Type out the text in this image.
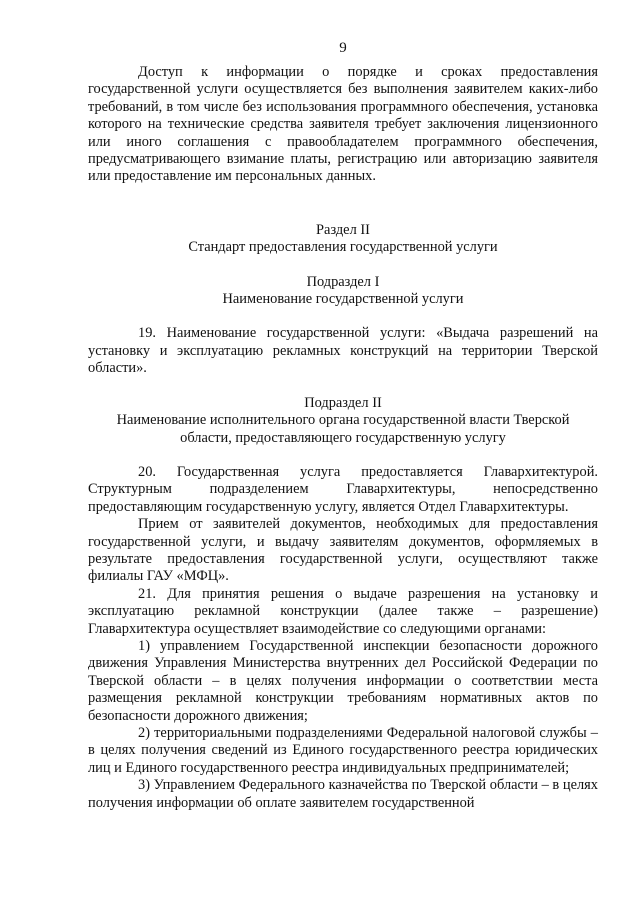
9

Доступ к информации о порядке и сроках предоставления государственной услуги осуществляется без выполнения заявителем каких-либо требований, в том числе без использования программного обеспечения, установка которого на технические средства заявителя требует заключения лицензионного или иного соглашения с правообладателем программного обеспечения, предусматривающего взимание платы, регистрацию или авторизацию заявителя или предоставление им персональных данных.

Раздел II

Стандарт предоставления государственной услуги

Подраздел I

Наименование государственной услуги

19. Наименование государственной услуги: «Выдача разрешений на установку и эксплуатацию рекламных конструкций на территории Тверской области».

Подраздел II

Наименование исполнительного органа государственной власти Тверской

области, предоставляющего государственную услугу

20. Государственная услуга предоставляется Главархитектурой. Структурным подразделением Главархитектуры, непосредственно предоставляющим государственную услугу, является Отдел Главархитектуры.

Прием от заявителей документов, необходимых для предоставления государственной услуги, и выдачу заявителям документов, оформляемых в результате предоставления государственной услуги, осуществляют также филиалы ГАУ «МФЦ».

21. Для принятия решения о выдаче разрешения на установку и эксплуатацию рекламной конструкции (далее также – разрешение) Главархитектура осуществляет взаимодействие со следующими органами:

1) управлением Государственной инспекции безопасности дорожного движения Управления Министерства внутренних дел Российской Федерации по Тверской области – в целях получения информации о соответствии места размещения рекламной конструкции требованиям нормативных актов по безопасности дорожного движения;

2) территориальными подразделениями Федеральной налоговой службы – в целях получения сведений из Единого государственного реестра юридических лиц и Единого государственного реестра индивидуальных предпринимателей;

3) Управлением Федерального казначейства по Тверской области – в целях получения информации об оплате заявителем государственной
